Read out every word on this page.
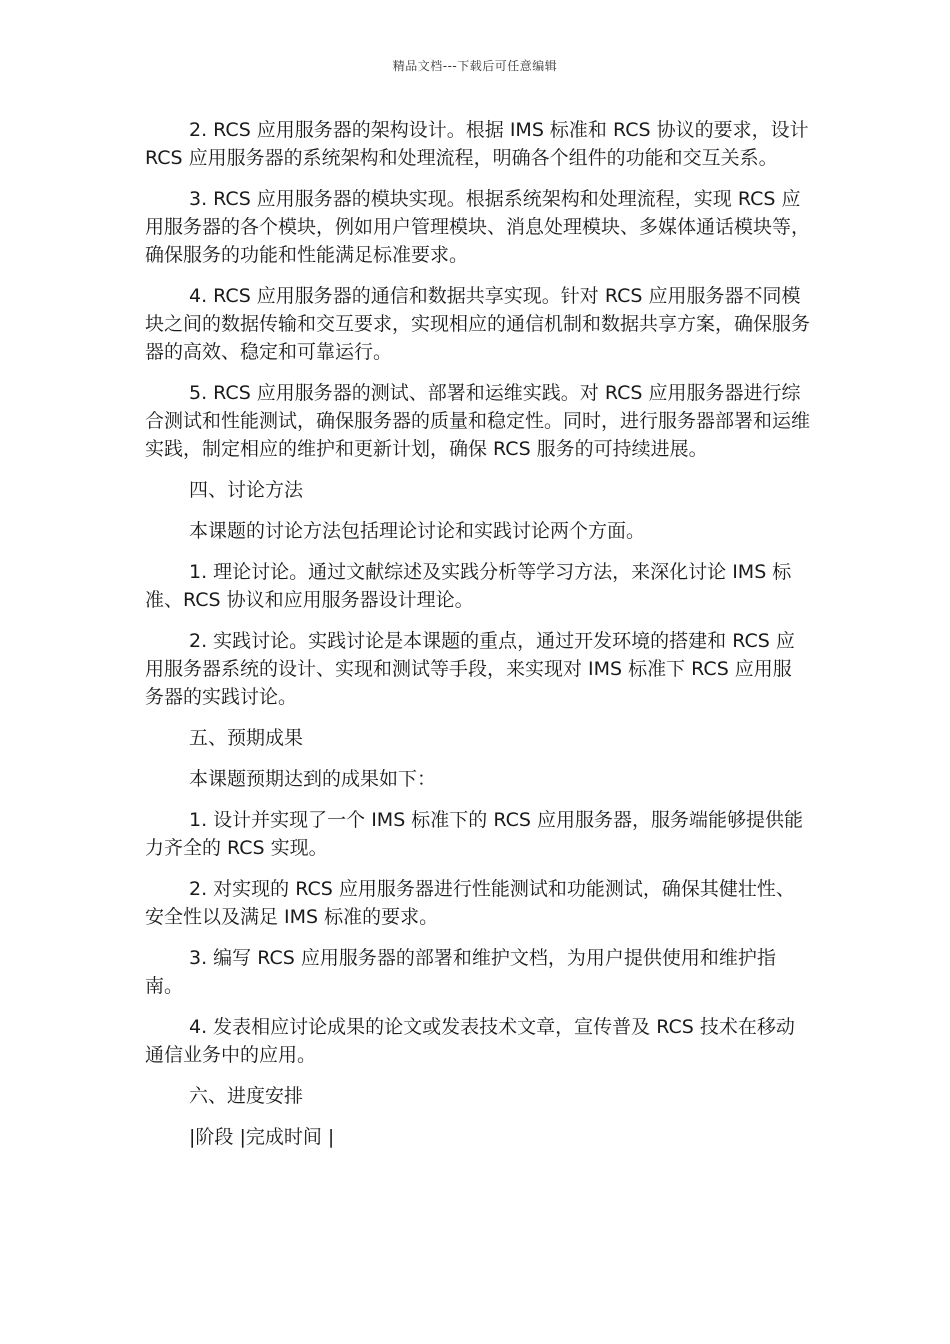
精品文档---下载后可任意编辑

2. RCS 应用服务器的架构设计。根据 IMS 标准和 RCS 协议的要求，设计 RCS 应用服务器的系统架构和处理流程，明确各个组件的功能和交互关系。

3. RCS 应用服务器的模块实现。根据系统架构和处理流程，实现 RCS 应用服务器的各个模块，例如用户管理模块、消息处理模块、多媒体通话模块等，确保服务的功能和性能满足标准要求。

4. RCS 应用服务器的通信和数据共享实现。针对 RCS 应用服务器不同模块之间的数据传输和交互要求，实现相应的通信机制和数据共享方案，确保服务器的高效、稳定和可靠运行。

5. RCS 应用服务器的测试、部署和运维实践。对 RCS 应用服务器进行综合测试和性能测试，确保服务器的质量和稳定性。同时，进行服务器部署和运维实践，制定相应的维护和更新计划，确保 RCS 服务的可持续进展。

四、讨论方法

本课题的讨论方法包括理论讨论和实践讨论两个方面。

1. 理论讨论。通过文献综述及实践分析等学习方法，来深化讨论 IMS 标准、RCS 协议和应用服务器设计理论。

2. 实践讨论。实践讨论是本课题的重点，通过开发环境的搭建和 RCS 应用服务器系统的设计、实现和测试等手段，来实现对 IMS 标准下 RCS 应用服务器的实践讨论。

五、预期成果

本课题预期达到的成果如下：

1. 设计并实现了一个 IMS 标准下的 RCS 应用服务器，服务端能够提供能力齐全的 RCS 实现。

2. 对实现的 RCS 应用服务器进行性能测试和功能测试，确保其健壮性、安全性以及满足 IMS 标准的要求。

3. 编写 RCS 应用服务器的部署和维护文档，为用户提供使用和维护指南。

4. 发表相应讨论成果的论文或发表技术文章，宣传普及 RCS 技术在移动通信业务中的应用。

六、进度安排

|阶段 |完成时间 |
